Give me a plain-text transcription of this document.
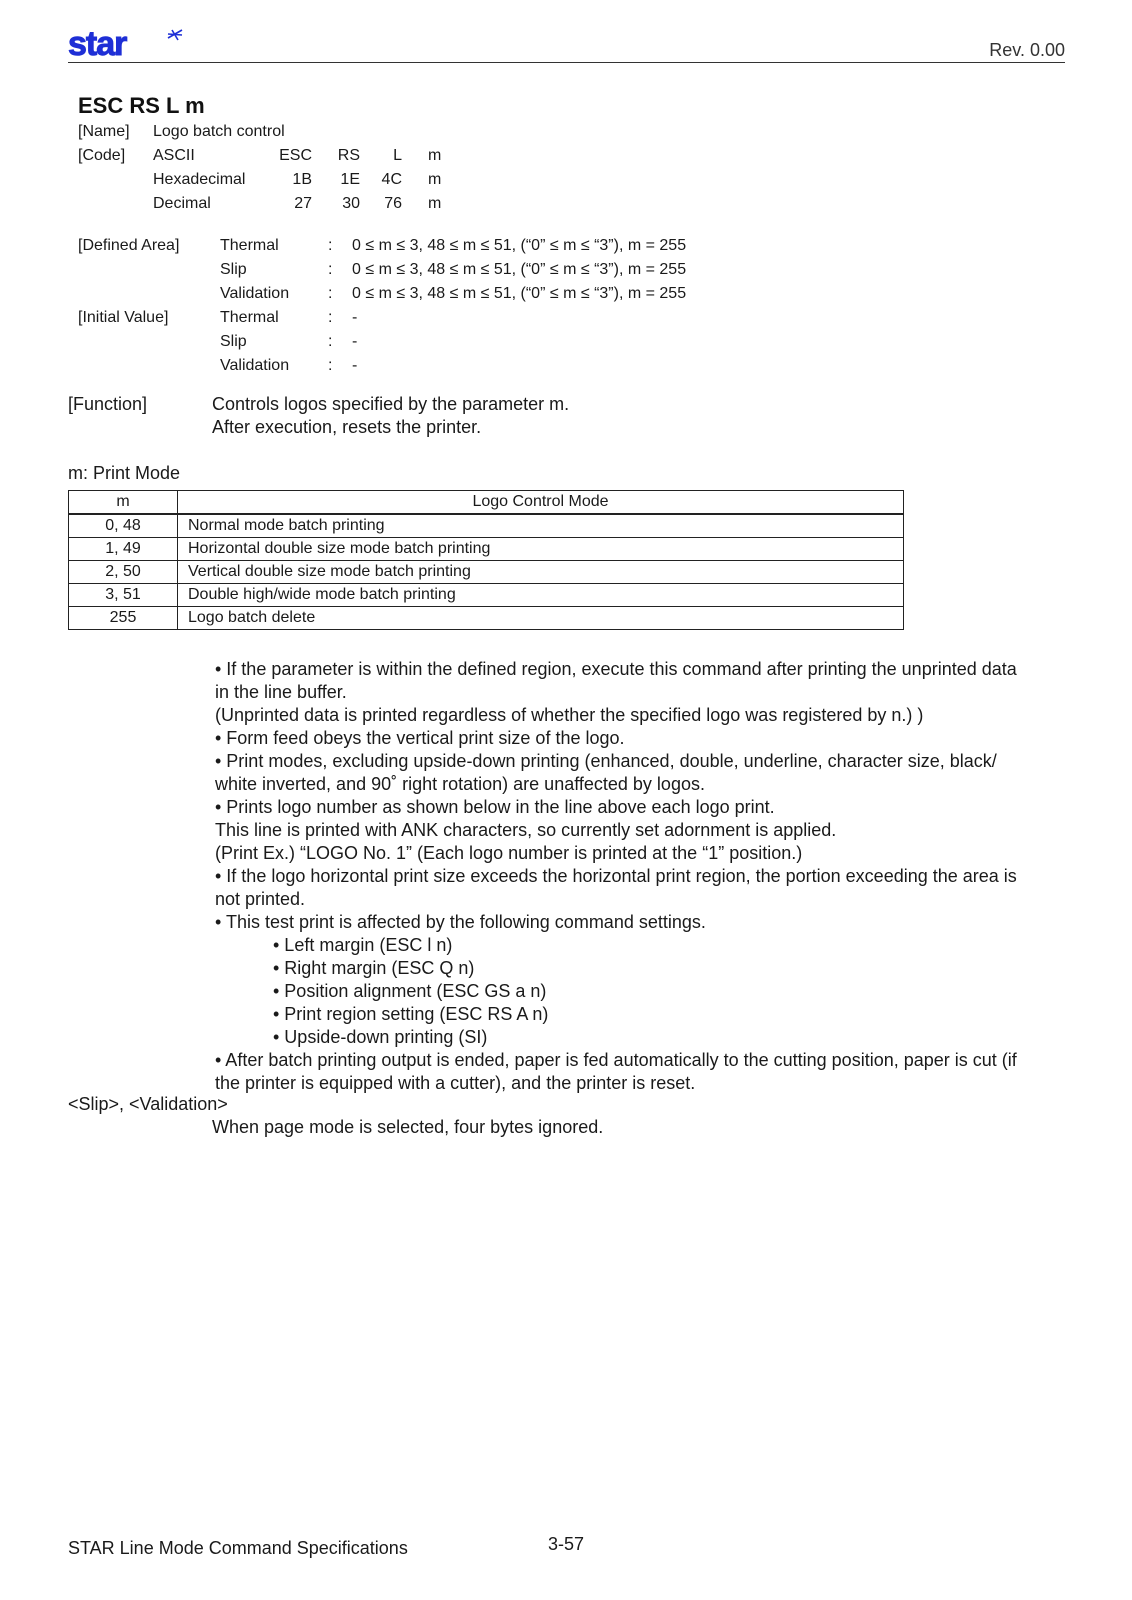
star	Rev. 0.00
ESC RS L m
[Name] Logo batch control
[Code] ASCII	ESC	RS	L m
Hexadecimal	1B	1E	4C m
Decimal	27	30	76 m
[Defined Area]	Thermal	: 0 ≤ m ≤ 3, 48 ≤ m ≤ 51, (“0” ≤ m ≤ “3”), m = 255
Slip	: 0 ≤ m ≤ 3, 48 ≤ m ≤ 51, (“0” ≤ m ≤ “3”), m = 255
Validation : 0 ≤ m ≤ 3, 48 ≤ m ≤ 51, (“0” ≤ m ≤ “3”), m = 255
[Initial Value]	Thermal	: -
Slip	: -
Validation : -
[Function]	Controls logos specified by the parameter m.
After execution, resets the printer.
m: Print Mode
m	Logo Control Mode
0, 48	Normal mode batch printing
1, 49	Horizontal double size mode batch printing
2, 50	Vertical double size mode batch printing
3, 51	Double high/wide mode batch printing
255	Logo batch delete
• If the parameter is within the defined region, execute this command after printing the unprinted data
in the line buffer.
(Unprinted data is printed regardless of whether the specified logo was registered by n.) )
• Form feed obeys the vertical print size of the logo.
• Print modes, excluding upside-down printing (enhanced, double, underline, character size, black/
white inverted, and 90˚ right rotation) are unaffected by logos.
• Prints logo number as shown below in the line above each logo print.
This line is printed with ANK characters, so currently set adornment is applied.
(Print Ex.) “LOGO No. 1” (Each logo number is printed at the “1” position.)
• If the logo horizontal print size exceeds the horizontal print region, the portion exceeding the area is
not printed.
• This test print is affected by the following command settings.
• Left margin (ESC l n)
• Right margin (ESC Q n)
• Position alignment (ESC GS a n)
• Print region setting (ESC RS A n)
• Upside-down printing (SI)
• After batch printing output is ended, paper is fed automatically to the cutting position, paper is cut (if
the printer is equipped with a cutter), and the printer is reset.
<Slip>, <Validation>
When page mode is selected, four bytes ignored.
STAR Line Mode Command Specifications	3-57
